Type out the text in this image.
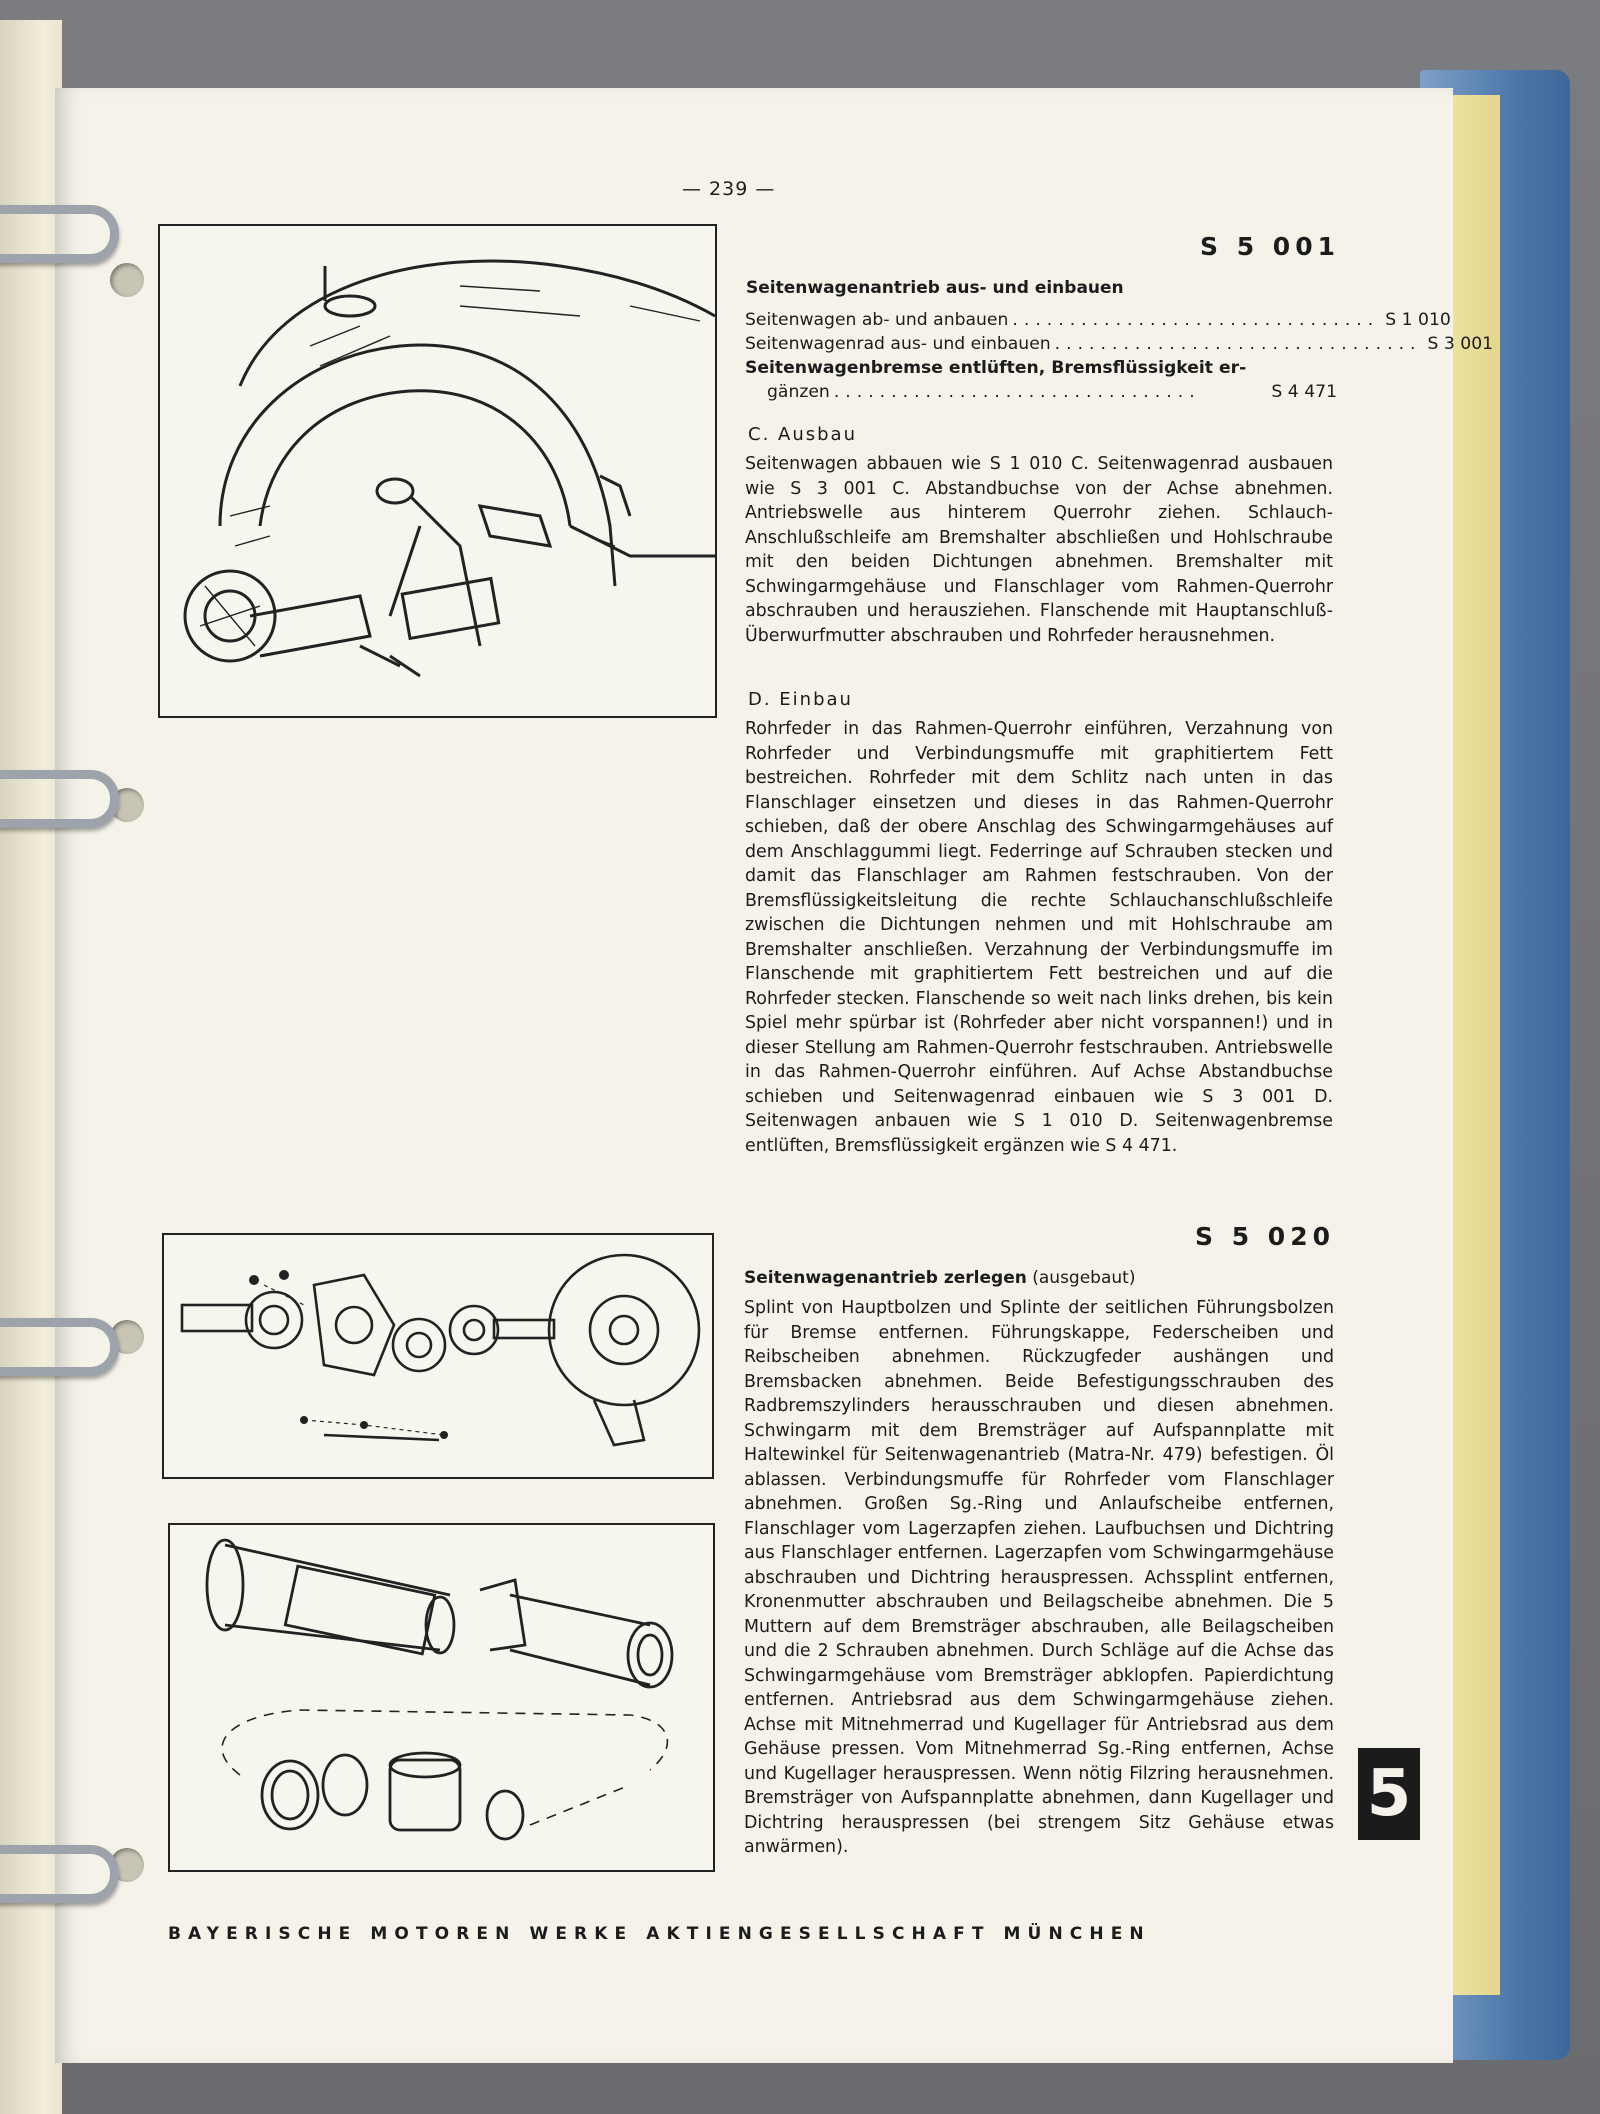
— 239 —
S 5 001
Seitenwagenantrieb aus- und einbauen
Seitenwagen ab- und anbauen ................................ S 1 010
Seitenwagenrad aus- und einbauen ................................ S 3 001
Seitenwagenbremse entlüften, Bremsflüssigkeit er-
gänzen ................................	S 4 471
C. Ausbau
Seitenwagen abbauen wie S 1 010 C. Seitenwagenrad ausbauen wie S 3 001 C. Abstandbuchse von der Achse abnehmen. Antriebswelle aus hinterem Querrohr ziehen. Schlauch-Anschlußschleife am Bremshalter abschließen und Hohlschraube mit den beiden Dichtungen abnehmen. Bremshalter mit Schwingarmgehäuse und Flanschlager vom Rahmen-Querrohr abschrauben und herausziehen. Flanschende mit Hauptanschluß-Überwurfmutter abschrauben und Rohrfeder herausnehmen.
D. Einbau
Rohrfeder in das Rahmen-Querrohr einführen, Verzahnung von Rohrfeder und Verbindungsmuffe mit graphitiertem Fett bestreichen. Rohrfeder mit dem Schlitz nach unten in das Flanschlager einsetzen und dieses in das Rahmen-Querrohr schieben, daß der obere Anschlag des Schwingarmgehäuses auf dem Anschlaggummi liegt. Federringe auf Schrauben stecken und damit das Flanschlager am Rahmen festschrauben. Von der Bremsflüssigkeitsleitung die rechte Schlauchanschlußschleife zwischen die Dichtungen nehmen und mit Hohlschraube am Bremshalter anschließen. Verzahnung der Verbindungsmuffe im Flanschende mit graphitiertem Fett bestreichen und auf die Rohrfeder stecken. Flanschende so weit nach links drehen, bis kein Spiel mehr spürbar ist (Rohrfeder aber nicht vorspannen!) und in dieser Stellung am Rahmen-Querrohr festschrauben. Antriebswelle in das Rahmen-Querrohr einführen. Auf Achse Abstandbuchse schieben und Seitenwagenrad einbauen wie S 3 001 D. Seitenwagen anbauen wie S 1 010 D. Seitenwagenbremse entlüften, Bremsflüssigkeit ergänzen wie S 4 471.
S 5 020
Seitenwagenantrieb zerlegen (ausgebaut)
Splint von Hauptbolzen und Splinte der seitlichen Führungsbolzen für Bremse entfernen. Führungskappe, Federscheiben und Reibscheiben abnehmen. Rückzugfeder aushängen und Bremsbacken abnehmen. Beide Befestigungsschrauben des Radbremszylinders herausschrauben und diesen abnehmen. Schwingarm mit dem Bremsträger auf Aufspannplatte mit Haltewinkel für Seitenwagenantrieb (Matra-Nr. 479) befestigen. Öl ablassen. Verbindungsmuffe für Rohrfeder vom Flanschlager abnehmen. Großen Sg.-Ring und Anlaufscheibe entfernen, Flanschlager vom Lagerzapfen ziehen. Laufbuchsen und Dichtring aus Flanschlager entfernen. Lagerzapfen vom Schwingarmgehäuse abschrauben und Dichtring herauspressen. Achssplint entfernen, Kronenmutter abschrauben und Beilagscheibe abnehmen. Die 5 Muttern auf dem Bremsträger abschrauben, alle Beilagscheiben und die 2 Schrauben abnehmen. Durch Schläge auf die Achse das Schwingarmgehäuse vom Bremsträger abklopfen. Papierdichtung entfernen. Antriebsrad aus dem Schwingarmgehäuse ziehen. Achse mit Mitnehmerrad und Kugellager für Antriebsrad aus dem Gehäuse pressen. Vom Mitnehmerrad Sg.-Ring entfernen, Achse und Kugellager herauspressen. Wenn nötig Filzring herausnehmen. Bremsträger von Aufspannplatte abnehmen, dann Kugellager und Dichtring herauspressen (bei strengem Sitz Gehäuse etwas anwärmen).
5
BAYERISCHE MOTOREN WERKE AKTIENGESELLSCHAFT MÜNCHEN
